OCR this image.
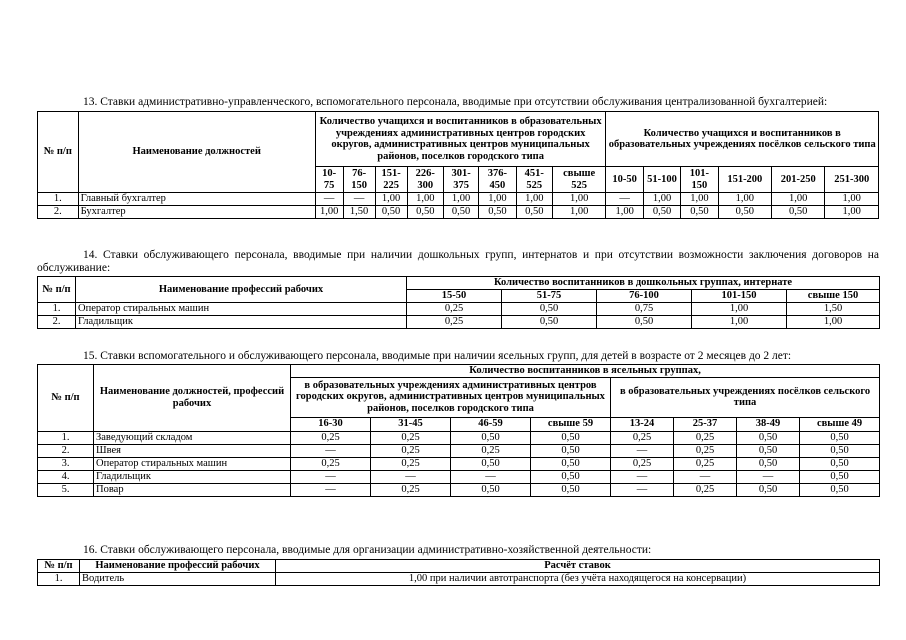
13. Ставки административно-управленческого, вспомогательного персонала, вводимые при отсутствии обслуживания централизованной бухгалтерией:

№ п/п	Наименование должностей	Количество учащихся и воспитанников в образовательных учреждениях административных центров городских округов, административных центров муниципальных районов, поселков городского типа								Количество учащихся и воспитанников в образовательных учреждениях посёлков сельского типа					
		10-75	76-150	151-225	226-300	301-375	376-450	451-525	свыше 525	10-50	51-100	101-150	151-200	201-250	251-300
1.	Главный бухгалтер	—	—	1,00	1,00	1,00	1,00	1,00	1,00	—	1,00	1,00	1,00	1,00	1,00
2.	Бухгалтер	1,00	1,50	0,50	0,50	0,50	0,50	0,50	1,00	1,00	0,50	0,50	0,50	0,50	1,00

14. Ставки обслуживающего персонала, вводимые при наличии дошкольных групп, интернатов и при отсутствии возможности заключения договоров на обслуживание:

№ п/п	Наименование профессий рабочих	Количество воспитанников в дошкольных группах, интернате				
		15-50	51-75	76-100	101-150	свыше 150
1.	Оператор стиральных машин	0,25	0,50	0,75	1,00	1,50
2.	Гладильщик	0,25	0,50	0,50	1,00	1,00

15. Ставки вспомогательного и обслуживающего персонала, вводимые при наличии ясельных групп, для детей в возрасте от 2 месяцев до 2 лет:

№ п/п	Наименование должностей, профессий рабочих	Количество воспитанников в ясельных группах,							
		в образовательных учреждениях административных центров городских округов, административных центров муниципальных районов, поселков городского типа				в образовательных учреждениях посёлков сельского типа			
		16-30	31-45	46-59	свыше 59	13-24	25-37	38-49	свыше 49
1.	Заведующий складом	0,25	0,25	0,50	0,50	0,25	0,25	0,50	0,50
2.	Швея	—	0,25	0,25	0,50	—	0,25	0,50	0,50
3.	Оператор стиральных машин	0,25	0,25	0,50	0,50	0,25	0,25	0,50	0,50
4.	Гладильщик	—	—	—	0,50	—	—	—	0,50
5.	Повар	—	0,25	0,50	0,50	—	0,25	0,50	0,50

16. Ставки обслуживающего персонала, вводимые для организации административно-хозяйственной деятельности:

№ п/п	Наименование профессий рабочих	Расчёт ставок
1.	Водитель	1,00 при наличии автотранспорта (без учёта находящегося на консервации)
